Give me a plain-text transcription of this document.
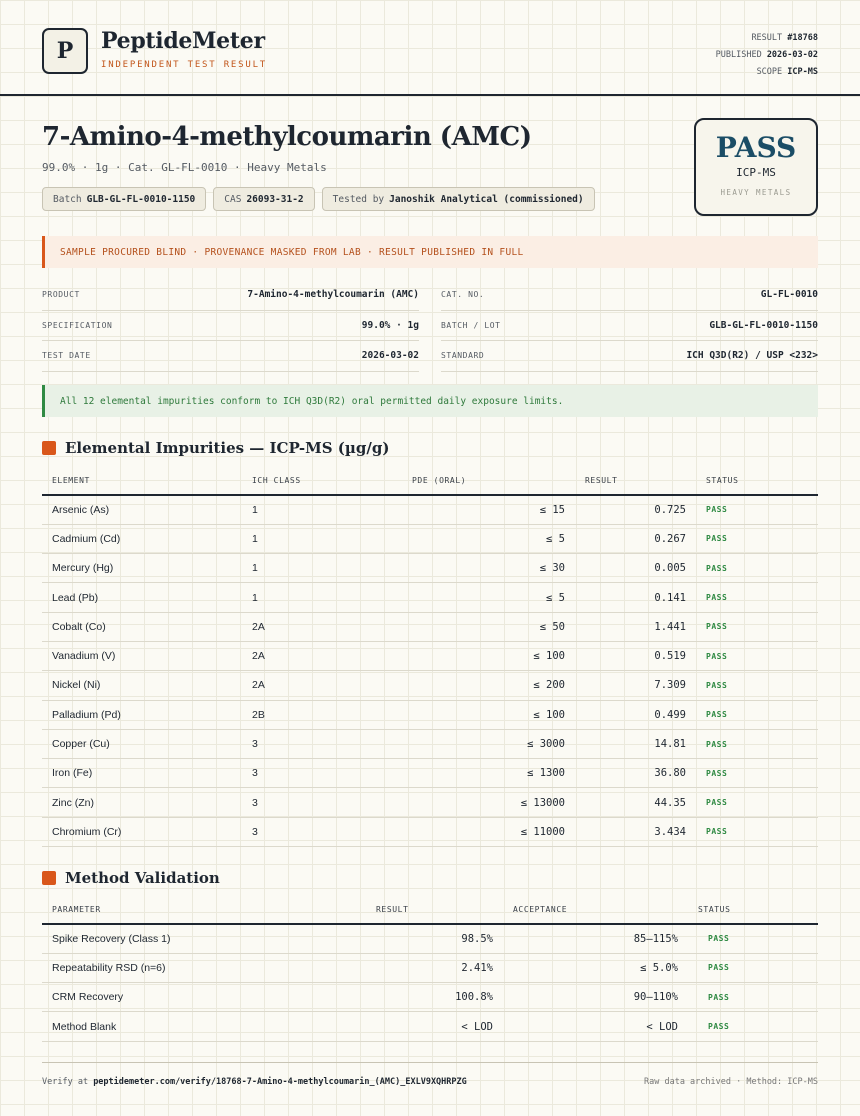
P	PeptideMeter
INDEPENDENT TEST RESULT
RESULT #18768
PUBLISHED 2026-03-02
SCOPE ICP-MS
7-Amino-4-methylcoumarin (AMC)
99.0% · 1g · Cat. GL-FL-0010 · Heavy Metals
Batch GLB-GL-FL-0010-1150	CAS 26093-31-2	Tested by Janoshik Analytical (commissioned)
PASS
ICP-MS
HEAVY METALS
SAMPLE PROCURED BLIND · PROVENANCE MASKED FROM LAB · RESULT PUBLISHED IN FULL
PRODUCT	7-Amino-4-methylcoumarin (AMC)	CAT. NO.	GL-FL-0010
SPECIFICATION	99.0% · 1g	BATCH / LOT	GLB-GL-FL-0010-1150
TEST DATE	2026-03-02	STANDARD	ICH Q3D(R2) / USP <232>
All 12 elemental impurities conform to ICH Q3D(R2) oral permitted daily exposure limits.
Elemental Impurities — ICP-MS (µg/g)
ELEMENT	ICH CLASS	PDE (ORAL)	RESULT	STATUS
Arsenic (As)	1	≤ 15	0.725	PASS
Cadmium (Cd)	1	≤ 5	0.267	PASS
Mercury (Hg)	1	≤ 30	0.005	PASS
Lead (Pb)	1	≤ 5	0.141	PASS
Cobalt (Co)	2A	≤ 50	1.441	PASS
Vanadium (V)	2A	≤ 100	0.519	PASS
Nickel (Ni)	2A	≤ 200	7.309	PASS
Palladium (Pd)	2B	≤ 100	0.499	PASS
Copper (Cu)	3	≤ 3000	14.81	PASS
Iron (Fe)	3	≤ 1300	36.80	PASS
Zinc (Zn)	3	≤ 13000	44.35	PASS
Chromium (Cr)	3	≤ 11000	3.434	PASS
Method Validation
PARAMETER	RESULT	ACCEPTANCE	STATUS
Spike Recovery (Class 1)	98.5%	85–115%	PASS
Repeatability RSD (n=6)	2.41%	≤ 5.0%	PASS
CRM Recovery	100.8%	90–110%	PASS
Method Blank	< LOD	< LOD	PASS
Verify at peptidemeter.com/verify/18768-7-Amino-4-methylcoumarin_(AMC)_EXLV9XQHRPZG	Raw data archived · Method: ICP-MS
